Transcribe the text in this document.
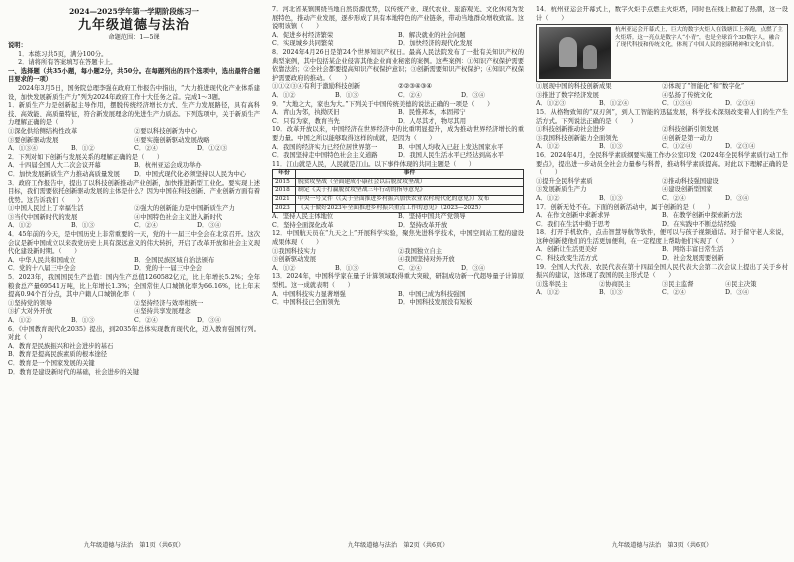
2024—2025学年第一学期阶段练习一
九年级道德与法治
命题范围：1—5课

说明：

1．本练习共5页，满分100分。

2．请将所有答案填写在答题卡上。

一、选择题（共35小题，每小题2分，共50分。在每题列出的四个选项中，选出最符合题目要求的一项）

2024年3月5日，国务院总理李强在政府工作报告中指出，“大力推进现代化产业体系建设，加快发展新质生产力”列为2024年政府工作十大任务之首。完成1～3题。

1．新质生产力是创新起主导作用，摆脱传统经济增长方式、生产力发展路径，具有高科技、高效能、高质量特征，符合新发展理念的先进生产力质态。下列选项中，关于新质生产力理解正确的是（　　）

①深化供给侧结构性改革	②要以科技创新为中心
③要创新驱动发展	④要实施创新驱动发展战略
A．①③④	B．①②	C．②④	D．①②③

2．下列对如下创新与发展关系的理解正确的是（　　）

A．十四届全国人大二次会议开幕	B．杭州亚运会成功举办
C．加快发展新质生产力推动高质量发展	D．中国式现代化必须坚持以人民为中心

3．政府工作报告中，提出了以科技创新推动产业创新，加快推进新型工业化。要实现上述目标，我们需要依托创新驱动发展的主体是什么？因为中国在科技创新、产业创新方面有着优势。这告诉我们（　　）

①中国人民过上了幸福生活	②强大的创新能力是中国新质生产力
③当代中国新时代的发展	④中国特色社会主义进入新时代
A．①②	B．①③	C．②④	D．③④

4．45年前的今天，是中国历史上非常重要的一天，党的十一届三中全会在北京召开。这次会议是新中国成立以来我党历史上具有深远意义的伟大转折，开启了改革开放和社会主义现代化建设新时期。（　　）

A．中华人民共和国成立	B．全国民族区域自治法颁布
C．党的十八届三中全会	D．党的十一届三中全会

5．2023年，我国国民生产总值：国内生产总值1260582亿元，比上年增长5.2%；全年粮食总产量69541万吨，比上年增长1.3%；全国常住人口城镇化率为66.16%，比上年末提高0.94个百分点，其中户籍人口城镇化率（　　）

①坚持党的领导	②坚持经济与效率相统一
③扩大对外开放	④坚持共享发展理念
A．①②	B．①③	C．②④	D．③④

6．《中国教育现代化2035》提出，到2035年总体实现教育现代化，迈入教育强国行列。对此（　　）

A．教育是民族振兴和社会进步的基石
B．教育是提高民族素质的根本途径
C．教育是一个国家发展的关键
D．教育是建设新时代的基础，社会进步的关键
九年级道德与法治　第1页（共6页）

7．河北省某镇围绕当地自然资源优势，以传统产业、现代农业、旅游观光、文化休闲为发展特色，推动产业发展，逐步形成了具有本地特色的产业链条，带动当地群众增收致富。这说明该镇（　　）

A．促进乡村经济繁荣	B．解决就业的社会问题
C．实现城乡共同繁荣	D．加快经济的现代化发展

8．2024年4月26日是第24个世界知识产权日。最高人民法院发布了一批有关知识产权的典型案例，其中包括某企业侵害其他企业商业秘密的案例。这些案例：①知识产权保护需要依靠法治；②全社会都要提高知识产权保护意识；③创新需要知识产权保护；④知识产权保护需要政府的推动。（　　）

①①②③④有利于激励科技创新	②②③④③④
A．①②	B．①③	C．②④	D．③④

9．“大地之大，家也为大。”下列关于中国传统美德的说法正确的一项是（　　）

A．青山为邻，执拗厌旧	B．民惟邦本，本固邦宁
C．只有为家，教育当先	D．人尽其才，物尽其用

10．改革开放以来，中国经济在世界经济中的比重明显提升，成为推动世界经济增长的重要力量。中国之所以能够取得这样的成就，是因为（　　）

A．我国的经济实力已经位居世界第一	B．中国人均收入已赶上发达国家水平
C．我国坚持走中国特色社会主义道路	D．我国人民生活水平已经达到高水平

11．江山就是人民，人民就是江山。以下事件体现的共同主题是（　　）

年份	事件
2015	脱贫攻坚战（全面建成小康社会以后脱贫攻坚战）
2018	制定《关于打赢脱贫攻坚战三年行动的指导意见》
2021	中央一号文件（《关于全面推进乡村振兴加快农业农村现代化的意见》）发布
2023	《关于做好2023年全面推进乡村振兴重点工作的意见》（2023—2025）
A．坚持人民主体地位	B．坚持中国共产党领导
C．坚持全面深化改革	D．坚持改革开放

12．中国航天员在“九天之上”开展科学实验，聚焦先进科学技术，中国空间站工程的建设成果体现（　　）

①我国科技实力	②我国独立自主
③创新驱动发展	④我国坚持对外开放
A．①②	B．①③	C．②④	D．③④

13．2024年，中国科学家在量子计算领域取得重大突破，研制成功新一代超导量子计算原型机。这一成就表明（　　）

A．中国科技实力显著增强	B．中国已成为科技强国
C．中国科技已全面领先	D．中国科技发展没有短板
九年级道德与法治　第2页（共6页）

14．杭州亚运会开幕式上，数字火炬手点燃主火炬塔，同时也在线上掀起了热潮，这一设计（　　）

杭州亚运会开幕式上，巨大的数字火炬人在钱塘江上奔跑，点燃了主火炬塔。这一亮点是数字人“小青”，也是全球首个3D数字人，融合了现代科技和传统文化，体现了中国人民的创新精神和文化自信。
①展现中国的科技创新成果	②体现了“智能化”和“数字化”
③推进了数字经济发展	④弘扬了传统文化
A．①②③	B．①②④	C．①③④	D．②③④

15．从格物致知的“双刃剑”，到人工智能的迅猛发展，科学技术深刻改变着人们的生产生活方式。下列说法正确的是（　　）

①科技创新推动社会进步	②科技创新引领发展
③我国科技创新能力全面领先	④创新是第一动力
A．①②	B．①③	C．①②④	D．②③④

16．2024年4月，全民科学素质纲要实施工作办公室印发《2024年全民科学素质行动工作要点》，提出进一步动员全社会力量参与科普，推动科学素质提高。对此以下理解正确的是（　　）

①提升全民科学素质	②推动科技强国建设
③发展新质生产力	④建设创新型国家
A．①②	B．①③	C．②④	D．③④

17．创新无处不在。下面的创新活动中，属于创新的是（　　）

A．在作文创新中求新求异	B．在教学创新中探索新方法
C．我们在生活中勤于思考	D．在实践中不断总结经验

18．打开手机软件，点击智慧导航等软件，便可以与孩子视频通话。对于留守老人来说，这种创新使他们的生活更加便利，在一定程度上帮助他们实现了（　　）

A．创新让生活更美好	B．网络丰富日常生活
C．科技改变生活方式	D．社会发展需要创新

19．全国人大代表、农民代表在第十四届全国人民代表大会第二次会议上提出了关于乡村振兴的建议，这体现了我国的民主形式是（　　）

①选举民主	②协商民主	③民主监督	④民主决策
A．①②	B．①③	C．②④	D．③④
九年级道德与法治　第3页（共6页）
